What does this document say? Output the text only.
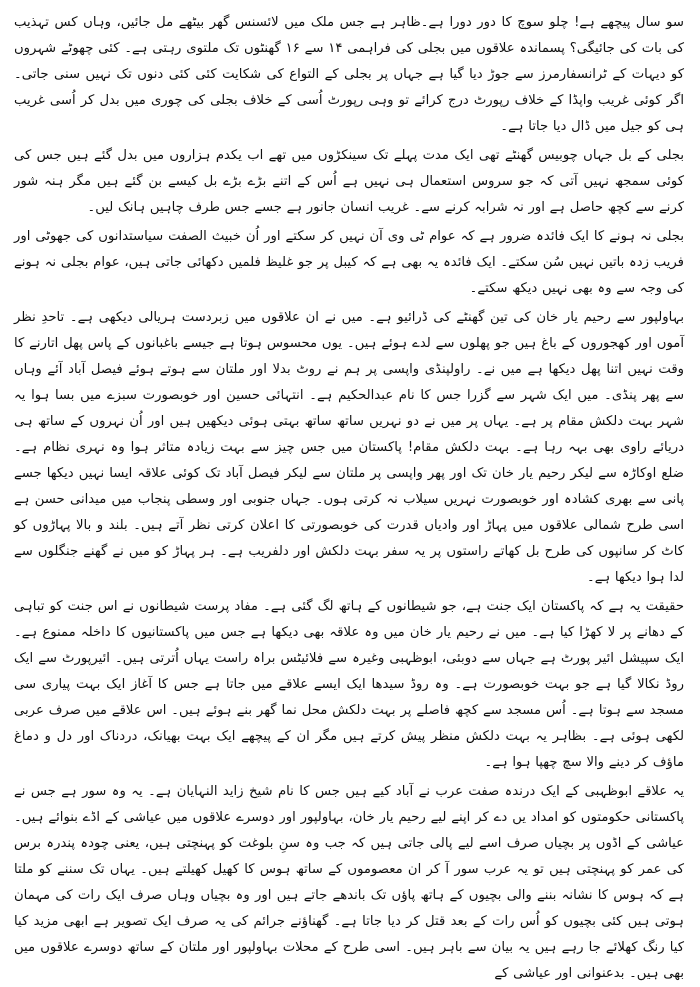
سو سال پیچھے ہے! چلو سوچ کا دور دورا ہے۔ظاہر ہے جس ملک میں لائسنس گھر بیٹھے مل جائیں، وہاں کس تہذیب کی بات کی جائیگی؟ پسماندہ علاقوں میں بجلی کی فراہمی ۱۴ سے ۱۶ گھنٹوں تک ملتوی رہتی ہے۔ کئی چھوٹے شہروں کو دیہات کے ٹرانسفارمرز سے جوڑ دیا گیا ہے جہاں پر بجلی کے التواع کی شکایت کئی کئی دنوں تک نہیں سنی جاتی۔ اگر کوئی غریب واپڈا کے خلاف رپورٹ درج کرائے تو وہی رپورٹ اُسی کے خلاف بجلی کی چوری میں بدل کر اُسی غریب ہی کو جیل میں ڈال دیا جاتا ہے۔

بجلی کے بل جہاں چوبیس گھنٹے تھی ایک مدت پہلے تک سینکڑوں میں تھے اب یکدم ہزاروں میں بدل گئے ہیں جس کی کوئی سمجھ نہیں آتی کہ جو سروس استعمال ہی نہیں ہے اُس کے اتنے بڑے بڑے بل کیسے بن گئے ہیں مگر ہنہ شور کرنے سے کچھ حاصل ہے اور نہ شرابہ کرنے سے۔ غریب انسان جانور ہے جسے جس طرف چاہیں ہانک لیں۔

بجلی نہ ہونے کا ایک فائدہ ضرور ہے کہ عوام ٹی وی آن نہیں کر سکتے اور اُن خبیث الصفت سیاستدانوں کی جھوٹی اور فریب زدہ باتیں نہیں سُن سکتے۔ ایک فائدہ یہ بھی ہے کہ کیبل پر جو غلیظ فلمیں دکھائی جاتی ہیں، عوام بجلی نہ ہونے کی وجہ سے وہ بھی نہیں دیکھ سکتے۔

بہاولپور سے رحیم یار خان کی تین گھنٹے کی ڈرائیو ہے۔ میں نے ان علاقوں میں زبردست ہریالی دیکھی ہے۔ تاحدِ نظر آموں اور کھجوروں کے باغ ہیں جو پھلوں سے لدے ہوئے ہیں۔ یوں محسوس ہوتا ہے جیسے باغبانوں کے پاس پھل اتارنے کا وقت نہیں اتنا پھل دیکھا ہے میں نے۔ راولپنڈی واپسی پر ہم نے روٹ بدلا اور ملتان سے ہوتے ہوئے فیصل آباد آئے وہاں سے پھر پنڈی۔ میں ایک شہر سے گزرا جس کا نام عبدالحکیم ہے۔ انتہائی حسین اور خوبصورت سبزے میں بسا ہوا یہ شہر بہت دلکش مقام پر ہے۔ یہاں پر میں نے دو نہریں ساتھ ساتھ بہتی ہوئی دیکھیں ہیں اور اُن نہروں کے ساتھ ہی دریائے راوی بھی بہہ رہا ہے۔ بہت دلکش مقام! پاکستان میں جس چیز سے بہت زیادہ متاثر ہوا وہ نہری نظام ہے۔ ضلع اوکاڑہ سے لیکر رحیم یار خان تک اور پھر واپسی پر ملتان سے لیکر فیصل آباد تک کوئی علاقہ ایسا نہیں دیکھا جسے پانی سے بھری کشادہ اور خوبصورت نہریں سیلاب نہ کرتی ہوں۔ جہاں جنوبی اور وسطی پنجاب میں میدانی حسن ہے اسی طرح شمالی علاقوں میں پہاڑ اور وادیاں قدرت کی خوبصورتی کا اعلان کرتی نظر آتے ہیں۔ بلند و بالا پہاڑوں کو کاٹ کر سانپوں کی طرح بل کھاتے راستوں پر یہ سفر بہت دلکش اور دلفریب ہے۔ ہر پہاڑ کو میں نے گھنے جنگلوں سے لدا ہوا دیکھا ہے۔

حقیقت یہ ہے کہ پاکستان ایک جنت ہے، جو شیطانوں کے ہاتھ لگ گئی ہے۔ مفاد پرست شیطانوں نے اس جنت کو تباہی کے دھانے پر لا کھڑا کیا ہے۔ میں نے رحیم یار خان میں وہ علاقہ بھی دیکھا ہے جس میں پاکستانیوں کا داخلہ ممنوع ہے۔ ایک سپیشل ائیر پورٹ ہے جہاں سے دوبئی، ابوظہبی وغیرہ سے فلائیٹس براہ راست یہاں اُترتی ہیں۔ ائیرپورٹ سے ایک روڈ نکالا گیا ہے جو بہت خوبصورت ہے۔ وہ روڈ سیدھا ایک ایسے علاقے میں جاتا ہے جس کا آغاز ایک بہت پیاری سی مسجد سے ہوتا ہے۔ اُس مسجد سے کچھ فاصلے پر بہت دلکش محل نما گھر بنے ہوئے ہیں۔ اس علاقے میں صرف عربی لکھی ہوئی ہے۔ بظاہر یہ بہت دلکش منظر پیش کرتے ہیں مگر ان کے پیچھے ایک بہت بھیانک، دردناک اور دل و دماغ ماؤف کر دینے والا سچ چھپا ہوا ہے۔

یہ علاقے ابوظہبی کے ایک درندہ صفت عرب نے آباد کیے ہیں جس کا نام شیخ زاید النہایان ہے۔ یہ وہ سور ہے جس نے پاکستانی حکومتوں کو امداد یں دے کر اپنے لیے رحیم یار خان، بہاولپور اور دوسرے علاقوں میں عیاشی کے اڈے بنوائے ہیں۔ عیاشی کے اڈوں پر بچیاں صرف اسے لیے پالی جاتی ہیں کہ جب وہ سنِ بلوغت کو پہنچتی ہیں، یعنی چودہ پندرہ برس کی عمر کو پہنچتی ہیں تو یہ عرب سور آ کر ان معصوموں کے ساتھ ہوس کا کھیل کھیلتے ہیں۔ یہاں تک سننے کو ملتا ہے کہ ہوس کا نشانہ بننے والی بچیوں کے ہاتھ پاؤں تک باندھے جاتے ہیں اور وہ بچیاں وہاں صرف ایک رات کی مہمان ہوتی ہیں کئی بچیوں کو اُس رات کے بعد قتل کر دیا جاتا ہے۔ گھناؤنے جرائم کی یہ صرف ایک تصویر ہے ابھی مزید کیا کیا رنگ کھلائے جا رہے ہیں یہ بیان سے باہر ہیں۔ اسی طرح کے محلات بہاولپور اور ملتان کے ساتھ دوسرے علاقوں میں بھی ہیں۔ بدعنوانی اور عیاشی کے
